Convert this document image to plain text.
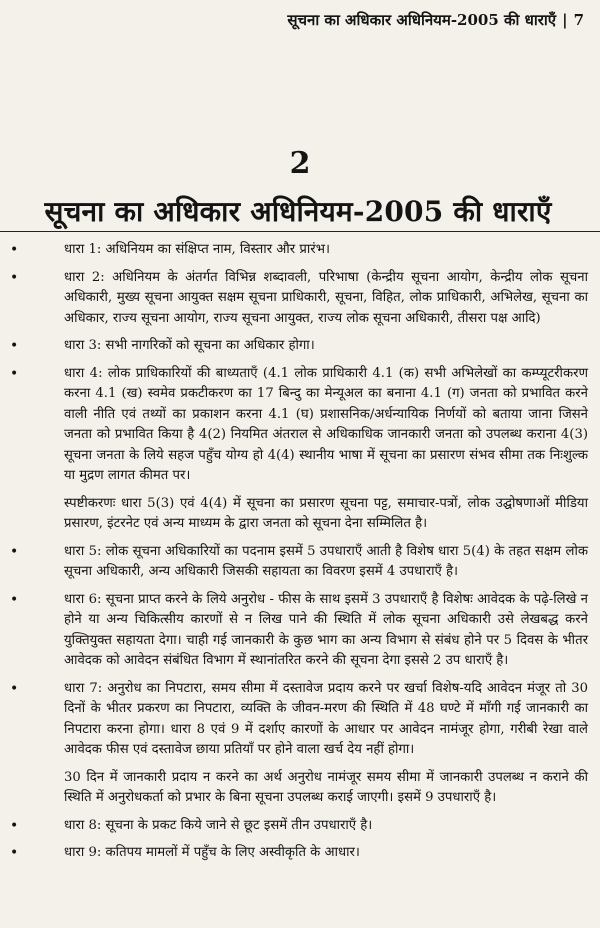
सूचना का अधिकार अधिनियम-2005 की धाराएँ | 7
2
सूचना का अधिकार अधिनियम-2005 की धाराएँ
•	धारा 1: अधिनियम का संक्षिप्त नाम, विस्तार और प्रारंभ।
•	धारा 2: अधिनियम के अंतर्गत विभिन्न शब्दावली, परिभाषा (केन्द्रीय सूचना आयोग, केन्द्रीय लोक सूचना अधिकारी, मुख्य सूचना आयुक्त सक्षम सूचना प्राधिकारी, सूचना, विहित, लोक प्राधिकारी, अभिलेख, सूचना का अधिकार, राज्य सूचना आयोग, राज्य सूचना आयुक्त, राज्य लोक सूचना अधिकारी, तीसरा पक्ष आदि)
•	धारा 3: सभी नागरिकों को सूचना का अधिकार होगा।
•	धारा 4: लोक प्राधिकारियों की बाध्यताएँ (4.1 लोक प्राधिकारी 4.1 (क) सभी अभिलेखों का कम्प्यूटरीकरण करना 4.1 (ख) स्वमेव प्रकटीकरण का 17 बिन्दु का मेन्यूअल का बनाना 4.1 (ग) जनता को प्रभावित करने वाली नीति एवं तथ्यों का प्रकाशन करना 4.1 (घ) प्रशासनिक/अर्धन्यायिक निर्णयों को बताया जाना जिसने जनता को प्रभावित किया है 4(2) नियमित अंतराल से अधिकाधिक जानकारी जनता को उपलब्ध कराना 4(3) सूचना जनता के लिये सहज पहुँच योग्य हो 4(4) स्थानीय भाषा में सूचना का प्रसारण संभव सीमा तक निःशुल्क या मुद्रण लागत कीमत पर।
स्पष्टीकरणः धारा 5(3) एवं 4(4) में सूचना का प्रसारण सूचना पट्ट, समाचार-पत्रों, लोक उद्घोषणाओं मीडिया प्रसारण, इंटरनेट एवं अन्य माध्यम के द्वारा जनता को सूचना देना सम्मिलित है।
•	धारा 5: लोक सूचना अधिकारियों का पदनाम इसमें 5 उपधाराएँ आती है विशेष धारा 5(4) के तहत सक्षम लोक सूचना अधिकारी, अन्य अधिकारी जिसकी सहायता का विवरण इसमें 4 उपधाराएँ है।
•	धारा 6: सूचना प्राप्त करने के लिये अनुरोध - फीस के साथ इसमें 3 उपधाराएँ है विशेषः आवेदक के पढ़े-लिखे न होने या अन्य चिकित्सीय कारणों से न लिख पाने की स्थिति में लोक सूचना अधिकारी उसे लेखबद्ध करने युक्तियुक्त सहायता देगा। चाही गई जानकारी के कुछ भाग का अन्य विभाग से संबंध होने पर 5 दिवस के भीतर आवेदक को आवेदन संबंधित विभाग में स्थानांतरित करने की सूचना देगा इससे 2 उप धाराएँ है।
•	धारा 7: अनुरोध का निपटारा, समय सीमा में दस्तावेज प्रदाय करने पर खर्चा विशेष-यदि आवेदन मंजूर तो 30 दिनों के भीतर प्रकरण का निपटारा, व्यक्ति के जीवन-मरण की स्थिति में 48 घण्टे में माँगी गई जानकारी का निपटारा करना होगा। धारा 8 एवं 9 में दर्शाए कारणों के आधार पर आवेदन नामंजूर होगा, गरीबी रेखा वाले आवेदक फीस एवं दस्तावेज छाया प्रतियाँ पर होने वाला खर्च देय नहीं होगा।
30 दिन में जानकारी प्रदाय न करने का अर्थ अनुरोध नामंजूर समय सीमा में जानकारी उपलब्ध न कराने की स्थिति में अनुरोधकर्ता को प्रभार के बिना सूचना उपलब्ध कराई जाएगी। इसमें 9 उपधाराएँ है।
•	धारा 8: सूचना के प्रकट किये जाने से छूट इसमें तीन उपधाराएँ है।
•	धारा 9: कतिपय मामलों में पहुँच के लिए अस्वीकृति के आधार।
